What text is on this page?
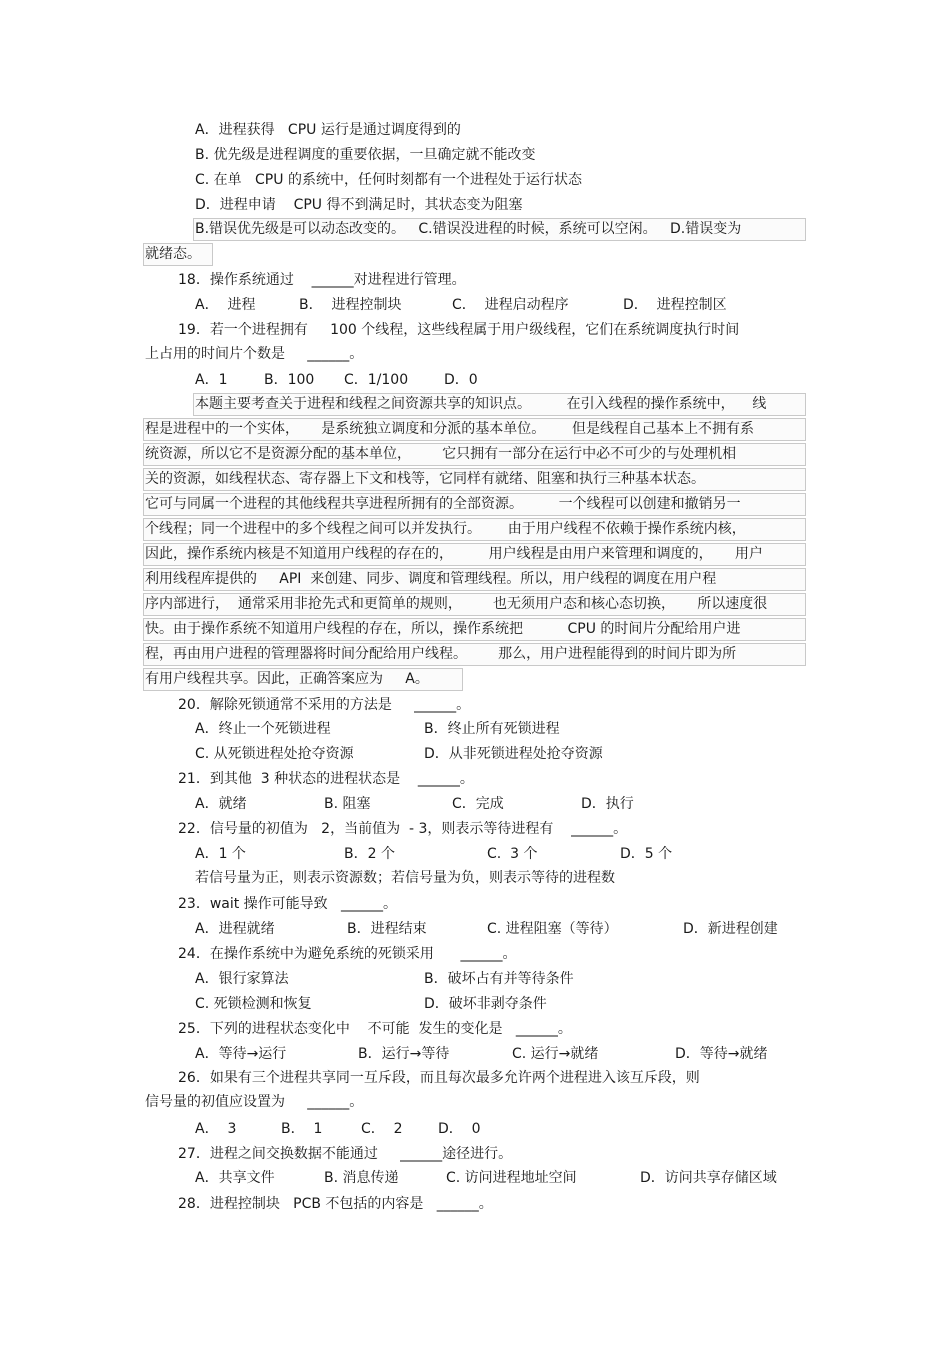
A．进程获得   CPU 运行是通过调度得到的
B. 优先级是进程调度的重要依据，一旦确定就不能改变
C. 在单   CPU 的系统中，任何时刻都有一个进程处于运行状态
D．进程申请    CPU 得不到满足时，其状态变为阻塞
B.错误优先级是可以动态改变的。   C.错误没进程的时候，系统可以空闲。   D.错误变为
就绪态。
18．操作系统通过    ______对进程进行管理。
A．  进程	B．  进程控制块	C．  进程启动程序	D．  进程控制区
19．若一个进程拥有     100 个线程，这些线程属于用户级线程，它们在系统调度执行时间
上占用的时间片个数是     ______。
A．1	B．100 C．1/100	D．0
本题主要考查关于进程和线程之间资源共享的知识点。        在引入线程的操作系统中，    线
程是进程中的一个实体，     是系统独立调度和分派的基本单位。      但是线程自己基本上不拥有系
统资源，所以它不是资源分配的基本单位，       它只拥有一部分在运行中必不可少的与处理机相
关的资源，如线程状态、寄存器上下文和栈等，它同样有就绪、阻塞和执行三种基本状态。
它可与同属一个进程的其他线程共享进程所拥有的全部资源。        一个线程可以创建和撤销另一
个线程；同一个进程中的多个线程之间可以并发执行。      由于用户线程不依赖于操作系统内核，
因此，操作系统内核是不知道用户线程的存在的，        用户线程是由用户来管理和调度的，     用户
利用线程库提供的     API  来创建、同步、调度和管理线程。所以，用户线程的调度在用户程
序内部进行，  通常采用非抢先式和更简单的规则，       也无须用户态和核心态切换，     所以速度很
快。由于操作系统不知道用户线程的存在，所以，操作系统把          CPU 的时间片分配给用户进
程，再由用户进程的管理器将时间分配给用户线程。       那么，用户进程能得到的时间片即为所
有用户线程共享。因此，正确答案应为     A。
20．解除死锁通常不采用的方法是     ______。
A．终止一个死锁进程	B．终止所有死锁进程
C. 从死锁进程处抢夺资源	D．从非死锁进程处抢夺资源
21．到其他  3 种状态的进程状态是    ______。
A．就绪	B. 阻塞	C．完成	D．执行
22．信号量的初值为   2，当前值为  - 3，则表示等待进程有    ______。
A．1 个	B．2 个	C.  3 个	D．5 个
若信号量为正，则表示资源数；若信号量为负，则表示等待的进程数
23．wait 操作可能导致   ______。
A．进程就绪	B．进程结束	C. 进程阻塞（等待）	D．新进程创建
24．在操作系统中为避免系统的死锁采用      ______。
A．银行家算法	B．破坏占有并等待条件
C. 死锁检测和恢复	D．破坏非剥夺条件
25．下列的进程状态变化中    不可能  发生的变化是   ______。
A．等待→运行	B．运行→等待	C. 运行→就绪	D．等待→就绪
26．如果有三个进程共享同一互斥段，而且每次最多允许两个进程进入该互斥段，则
信号量的初值应设置为     ______。
A．  3	B．  1	C．  2	D．  0
27．进程之间交换数据不能通过     ______途径进行。
A．共享文件	B. 消息传递	C. 访问进程地址空间	D．访问共享存储区域
28．进程控制块   PCB 不包括的内容是   ______。
